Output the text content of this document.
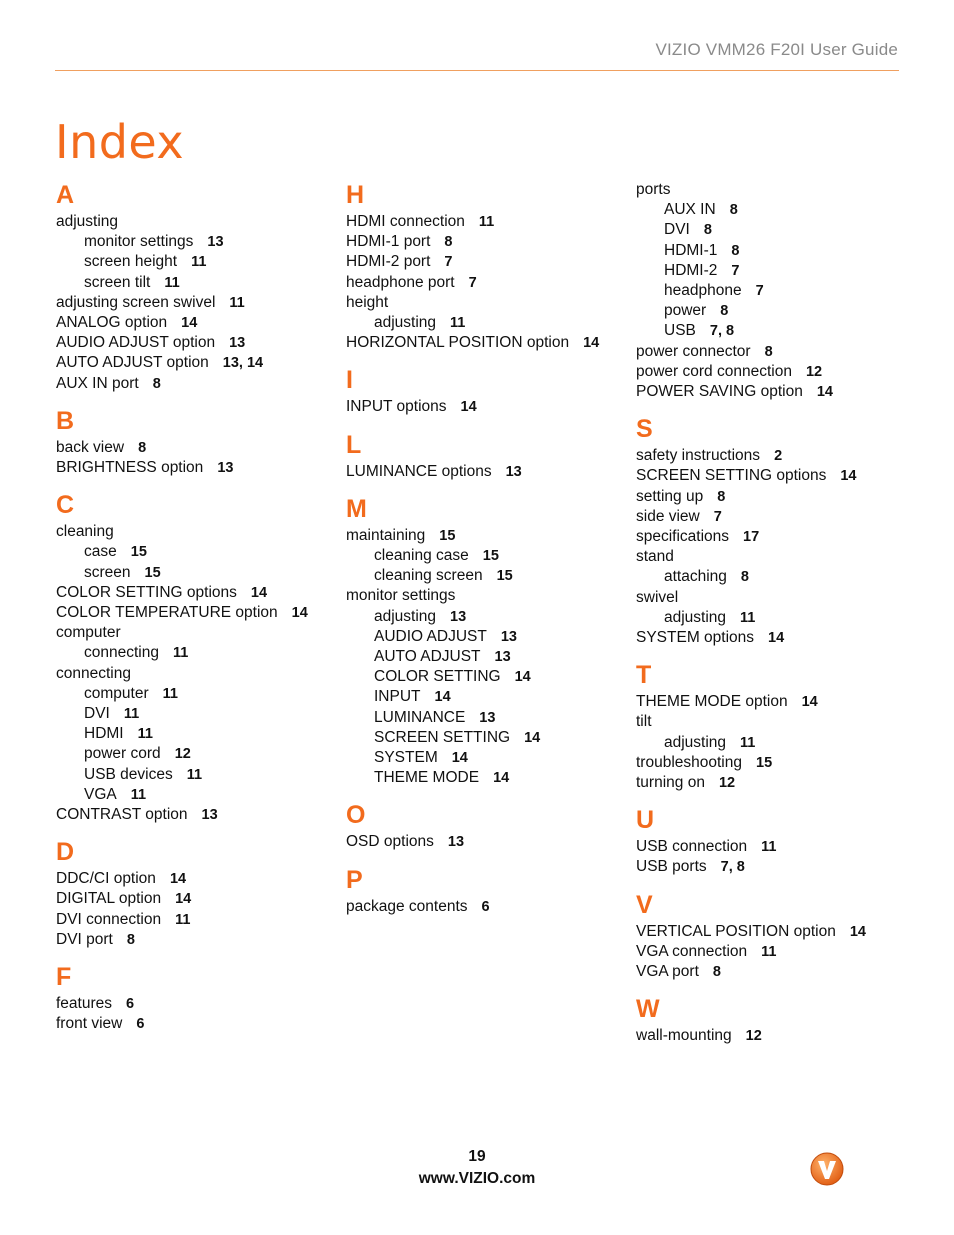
VIZIO VMM26 F20I User Guide
Index
A
adjusting
monitor settings 13
screen height 11
screen tilt 11
adjusting screen swivel 11
ANALOG option 14
AUDIO ADJUST option 13
AUTO ADJUST option 13, 14
AUX IN port 8
B
back view 8
BRIGHTNESS option 13
C
cleaning
case 15
screen 15
COLOR SETTING options 14
COLOR TEMPERATURE option 14
computer
connecting 11
connecting
computer 11
DVI 11
HDMI 11
power cord 12
USB devices 11
VGA 11
CONTRAST option 13
D
DDC/CI option 14
DIGITAL option 14
DVI connection 11
DVI port 8
F
features 6
front view 6
H
HDMI connection 11
HDMI-1 port 8
HDMI-2 port 7
headphone port 7
height
adjusting 11
HORIZONTAL POSITION option 14
I
INPUT options 14
L
LUMINANCE options 13
M
maintaining 15
cleaning case 15
cleaning screen 15
monitor settings
adjusting 13
AUDIO ADJUST 13
AUTO ADJUST 13
COLOR SETTING 14
INPUT 14
LUMINANCE 13
SCREEN SETTING 14
SYSTEM 14
THEME MODE 14
O
OSD options 13
P
package contents 6
ports
AUX IN 8
DVI 8
HDMI-1 8
HDMI-2 7
headphone 7
power 8
USB 7, 8
power connector 8
power cord connection 12
POWER SAVING option 14
S
safety instructions 2
SCREEN SETTING options 14
setting up 8
side view 7
specifications 17
stand
attaching 8
swivel
adjusting 11
SYSTEM options 14
T
THEME MODE option 14
tilt
adjusting 11
troubleshooting 15
turning on 12
U
USB connection 11
USB ports 7, 8
V
VERTICAL POSITION option 14
VGA connection 11
VGA port 8
W
wall-mounting 12
19
www.VIZIO.com
